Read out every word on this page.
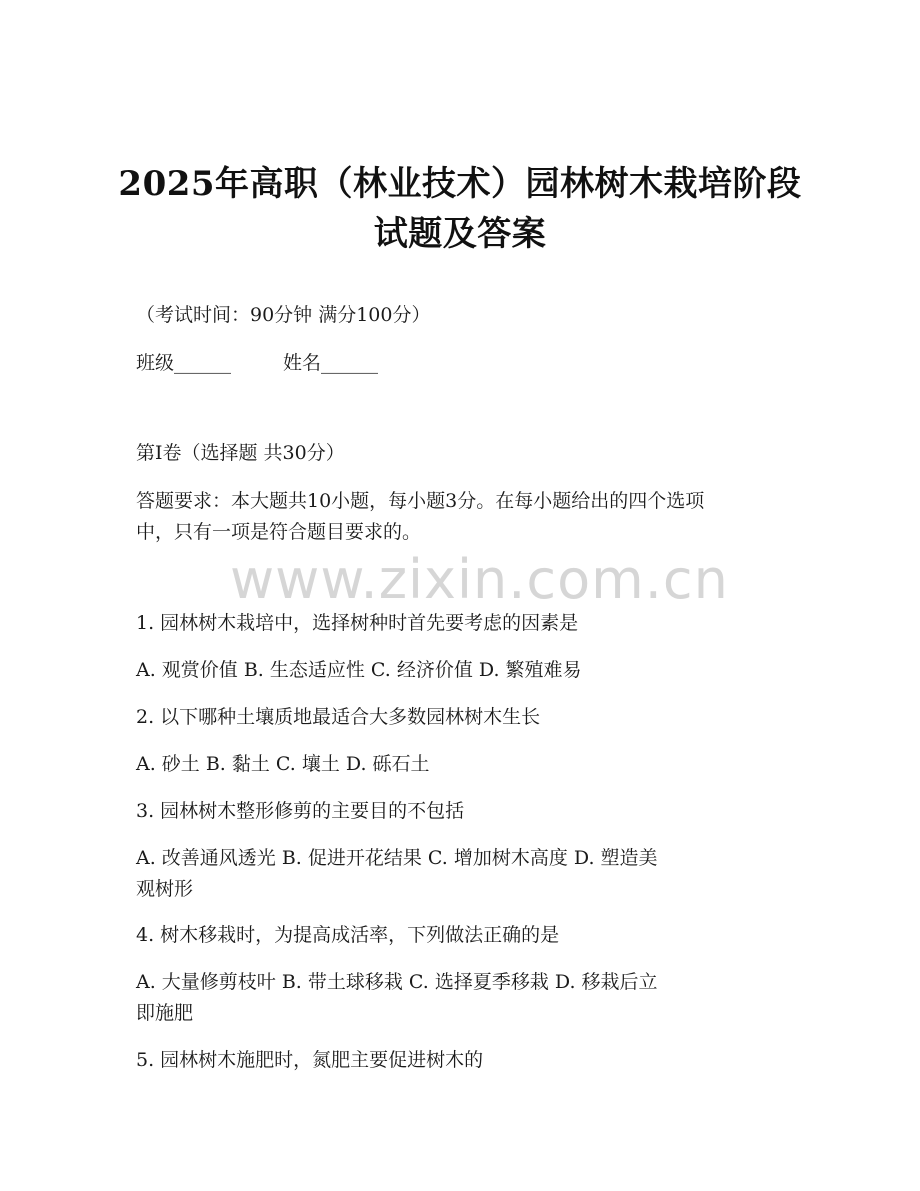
2025年高职（林业技术）园林树木栽培阶段
试题及答案
（考试时间：90分钟 满分100分）
班级______	姓名______
第I卷（选择题 共30分）
答题要求：本大题共10小题，每小题3分。在每小题给出的四个选项
中，只有一项是符合题目要求的。
www.zixin.com.cn
1. 园林树木栽培中，选择树种时首先要考虑的因素是
A. 观赏价值 B. 生态适应性 C. 经济价值 D. 繁殖难易
2. 以下哪种土壤质地最适合大多数园林树木生长
A. 砂土 B. 黏土 C. 壤土 D. 砾石土
3. 园林树木整形修剪的主要目的不包括
A. 改善通风透光 B. 促进开花结果 C. 增加树木高度 D. 塑造美
观树形
4. 树木移栽时，为提高成活率，下列做法正确的是
A. 大量修剪枝叶 B. 带土球移栽 C. 选择夏季移栽 D. 移栽后立
即施肥
5. 园林树木施肥时，氮肥主要促进树木的
